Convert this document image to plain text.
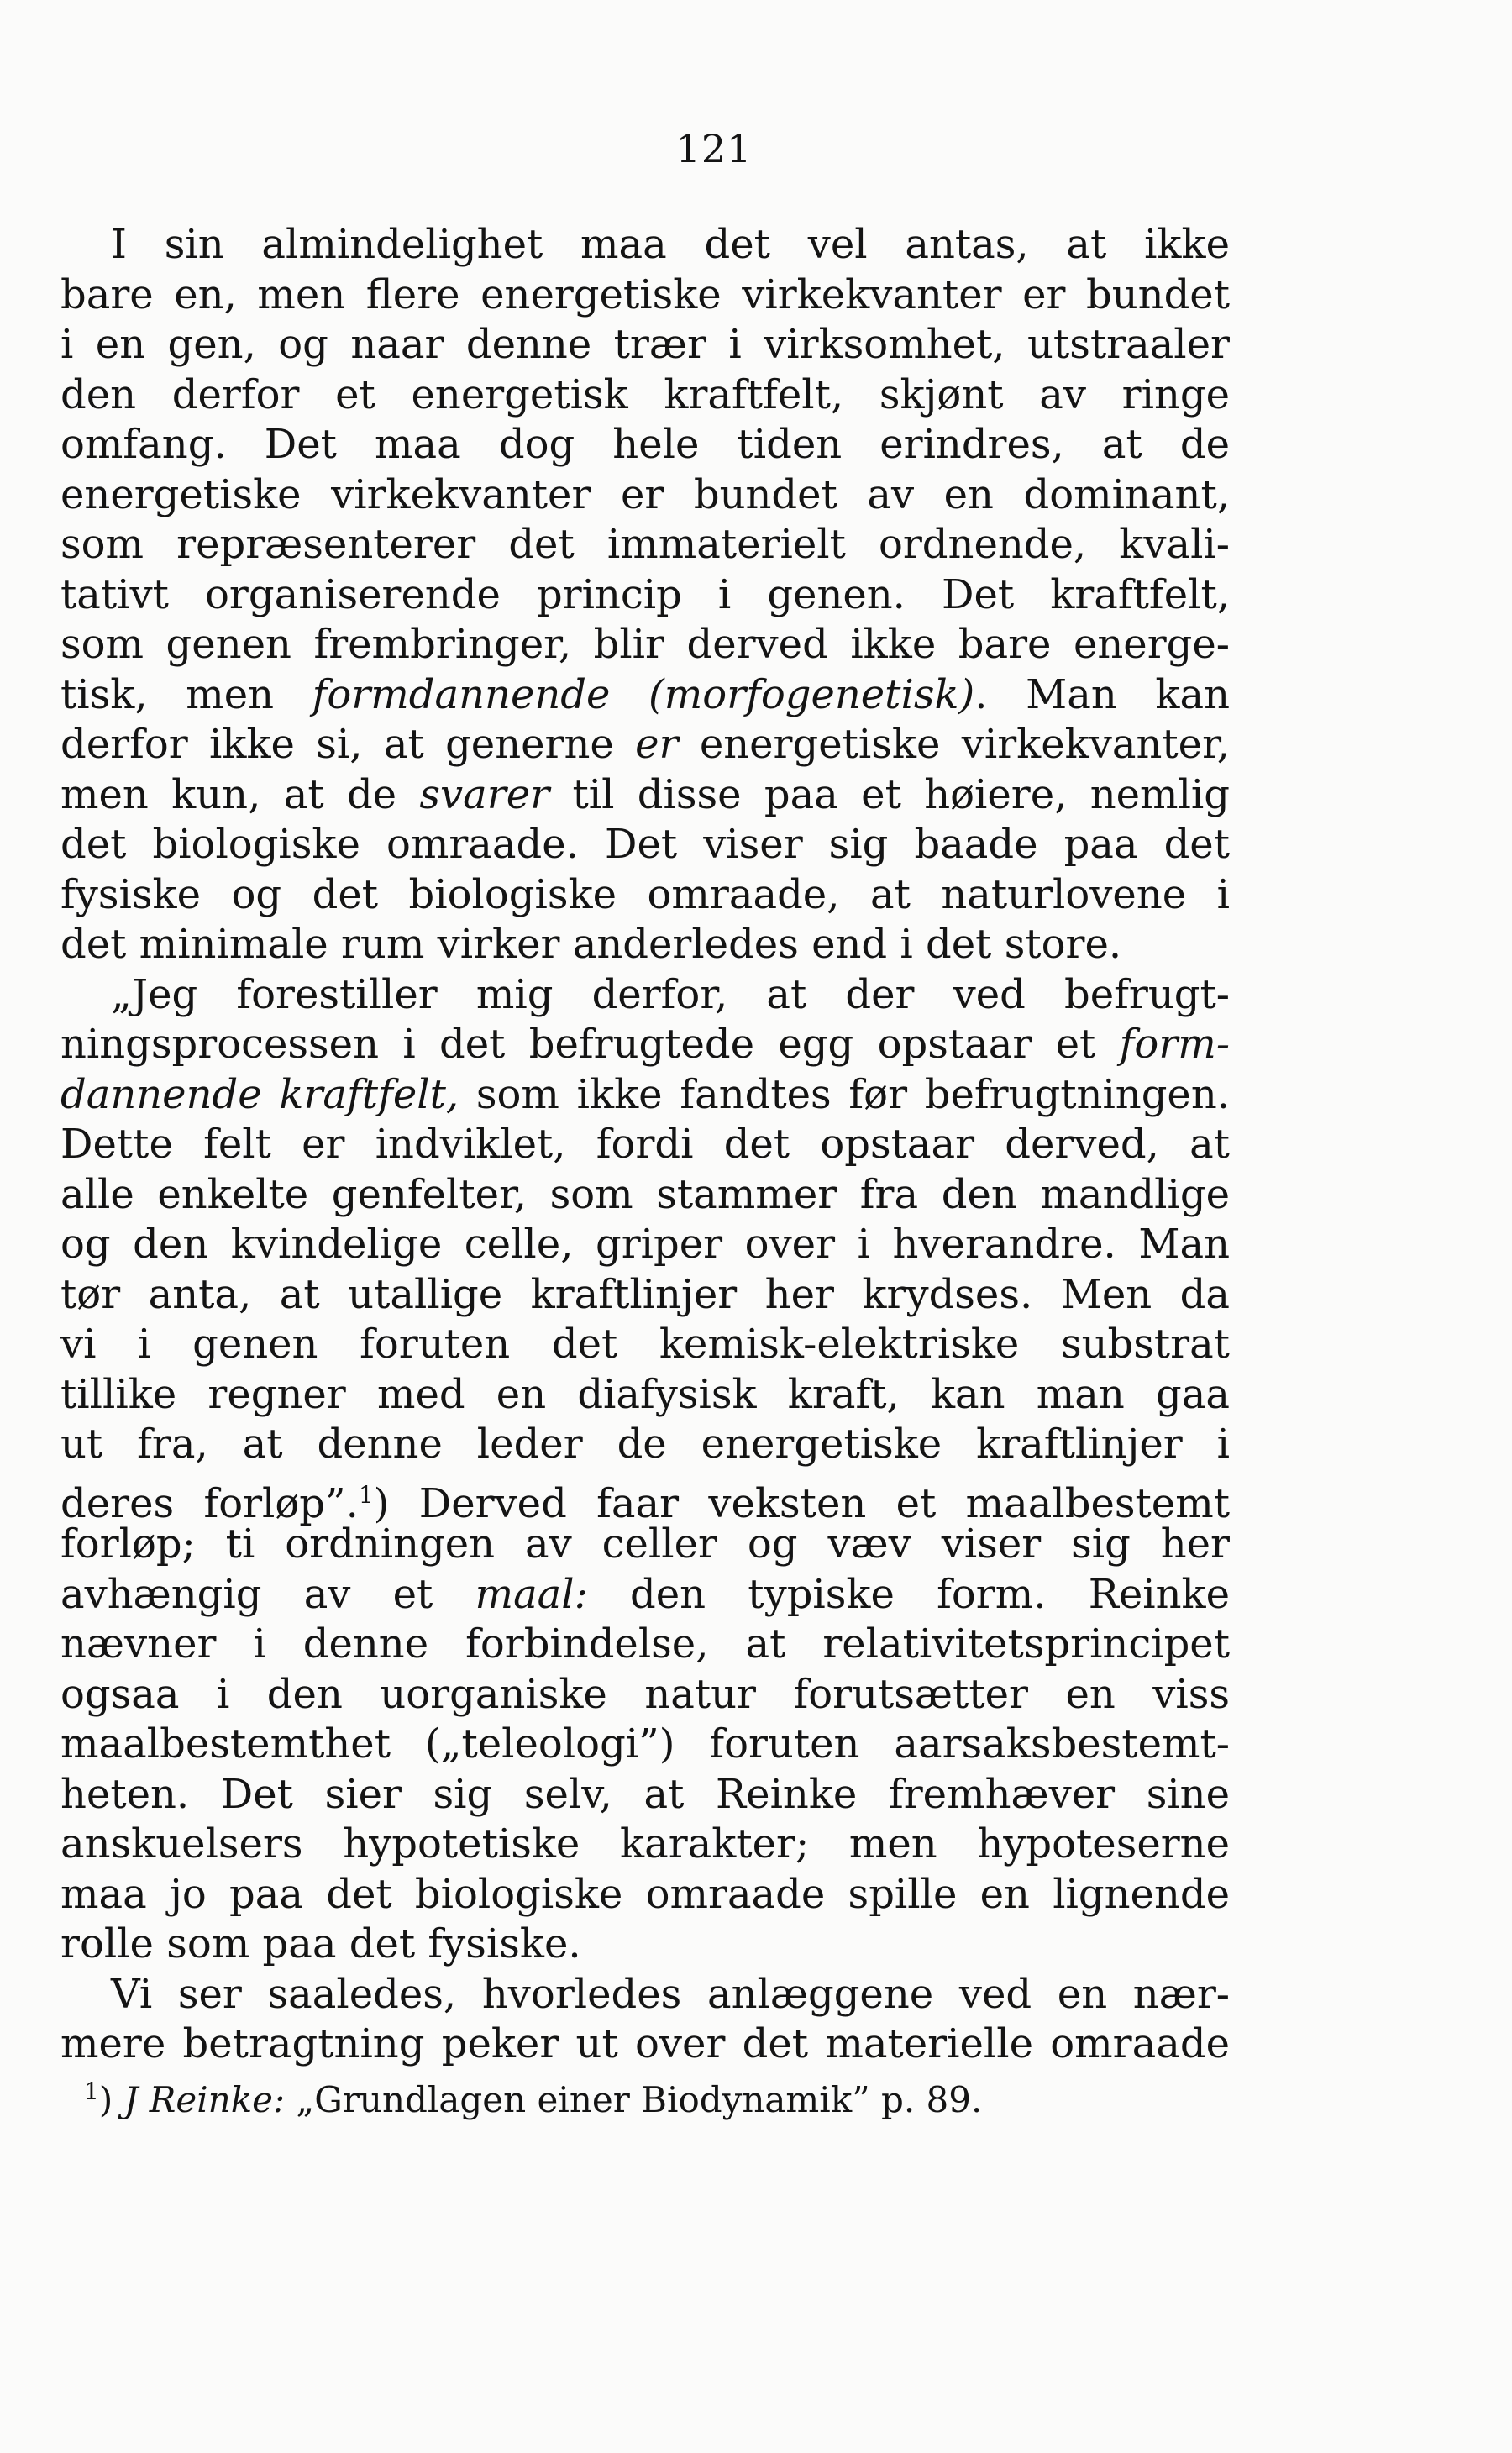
121
I sin almindelighet maa det vel antas, at ikke
bare en, men flere energetiske virkekvanter er bundet
i en gen, og naar denne trær i virksomhet, utstraaler
den derfor et energetisk kraftfelt, skjønt av ringe
omfang. Det maa dog hele tiden erindres, at de
energetiske virkekvanter er bundet av en dominant,
som repræsenterer det immaterielt ordnende, kvali-
tativt organiserende princip i genen. Det kraftfelt,
som genen frembringer, blir derved ikke bare energe-
tisk, men formdannende (morfogenetisk). Man kan
derfor ikke si, at generne er energetiske virkekvanter,
men kun, at de svarer til disse paa et høiere, nemlig
det biologiske omraade. Det viser sig baade paa det
fysiske og det biologiske omraade, at naturlovene i
det minimale rum virker anderledes end i det store.
„Jeg forestiller mig derfor, at der ved befrugt-
ningsprocessen i det befrugtede egg opstaar et form-
dannende kraftfelt, som ikke fandtes før befrugtningen.
Dette felt er indviklet, fordi det opstaar derved, at
alle enkelte genfelter, som stammer fra den mandlige
og den kvindelige celle, griper over i hverandre. Man
tør anta, at utallige kraftlinjer her krydses. Men da
vi i genen foruten det kemisk-elektriske substrat
tillike regner med en diafysisk kraft, kan man gaa
ut fra, at denne leder de energetiske kraftlinjer i
deres forløp”.$^1$) Derved faar veksten et maalbestemt
forløp; ti ordningen av celler og væv viser sig her
avhængig av et maal: den typiske form. Reinke
nævner i denne forbindelse, at relativitetsprincipet
ogsaa i den uorganiske natur forutsætter en viss
maalbestemthet („teleologi”) foruten aarsaksbestemt-
heten. Det sier sig selv, at Reinke fremhæver sine
anskuelsers hypotetiske karakter; men hypoteserne
maa jo paa det biologiske omraade spille en lignende
rolle som paa det fysiske.
Vi ser saaledes, hvorledes anlæggene ved en nær-
mere betragtning peker ut over det materielle omraade
$^1$) J Reinke: „Grundlagen einer Biodynamik” p. 89.
